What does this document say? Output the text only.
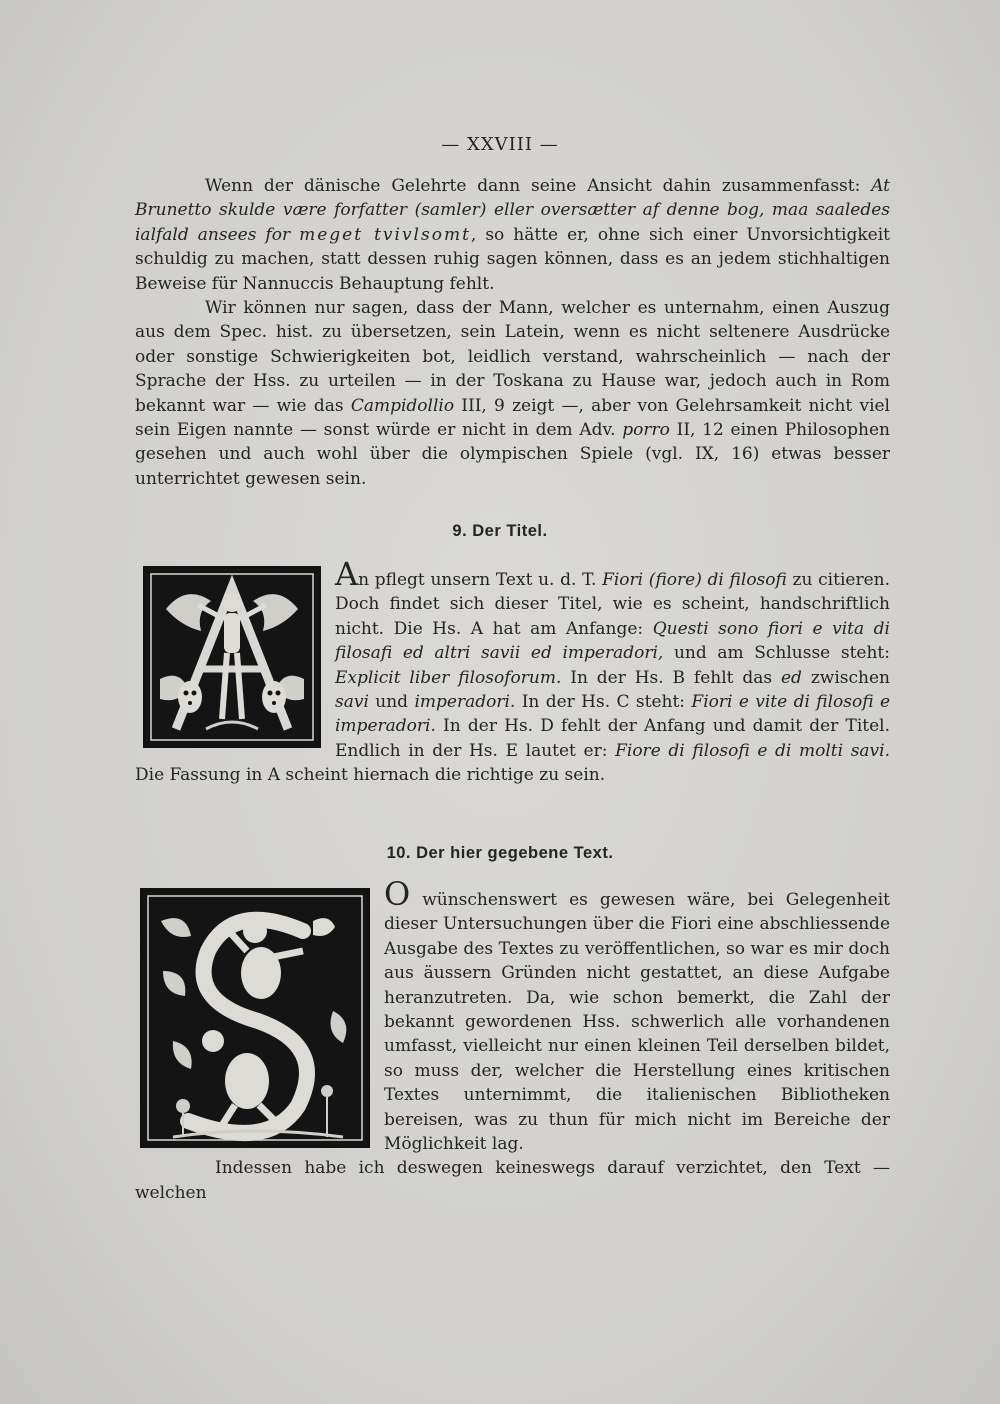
— XXVIII —

Wenn der dänische Gelehrte dann seine Ansicht dahin zusammenfasst: At Brunetto skulde være forfatter (samler) eller oversætter af denne bog, maa saaledes ialfald ansees for meget tvivlsomt, so hätte er, ohne sich einer Unvorsichtigkeit schuldig zu machen, statt dessen ruhig sagen können, dass es an jedem stichhaltigen Beweise für Nannuccis Behauptung fehlt.

Wir können nur sagen, dass der Mann, welcher es unternahm, einen Auszug aus dem Spec. hist. zu übersetzen, sein Latein, wenn es nicht seltenere Ausdrücke oder sonstige Schwierigkeiten bot, leidlich verstand, wahrscheinlich — nach der Sprache der Hss. zu urteilen — in der Toskana zu Hause war, jedoch auch in Rom bekannt war — wie das Campidollio III, 9 zeigt —, aber von Gelehrsamkeit nicht viel sein Eigen nannte — sonst würde er nicht in dem Adv. porro II, 12 einen Philosophen gesehen und auch wohl über die olympischen Spiele (vgl. IX, 16) etwas besser unterrichtet gewesen sein.

9. Der Titel.

An pflegt unsern Text u. d. T. Fiori (fiore) di filosofi zu citieren. Doch findet sich dieser Titel, wie es scheint, handschriftlich nicht. Die Hs. A hat am Anfange: Questi sono fiori e vita di filosafi ed altri savii ed imperadori, und am Schlusse steht: Explicit liber filosoforum. In der Hs. B fehlt das ed zwischen savi und imperadori. In der Hs. C steht: Fiori e vite di filosofi e imperadori. In der Hs. D fehlt der Anfang und damit der Titel. Endlich in der Hs. E lautet er: Fiore di filosofi e di molti savi. Die Fassung in A scheint hiernach die richtige zu sein.

10. Der hier gegebene Text.

O wünschenswert es gewesen wäre, bei Gelegenheit dieser Untersuchungen über die Fiori eine abschliessende Ausgabe des Textes zu veröffentlichen, so war es mir doch aus äussern Gründen nicht gestattet, an diese Aufgabe heranzutreten. Da, wie schon bemerkt, die Zahl der bekannt gewordenen Hss. schwerlich alle vorhandenen umfasst, vielleicht nur einen kleinen Teil derselben bildet, so muss der, welcher die Herstellung eines kritischen Textes unternimmt, die italienischen Bibliotheken bereisen, was zu thun für mich nicht im Bereiche der Möglichkeit lag.

Indessen habe ich deswegen keineswegs darauf verzichtet, den Text — welchen
